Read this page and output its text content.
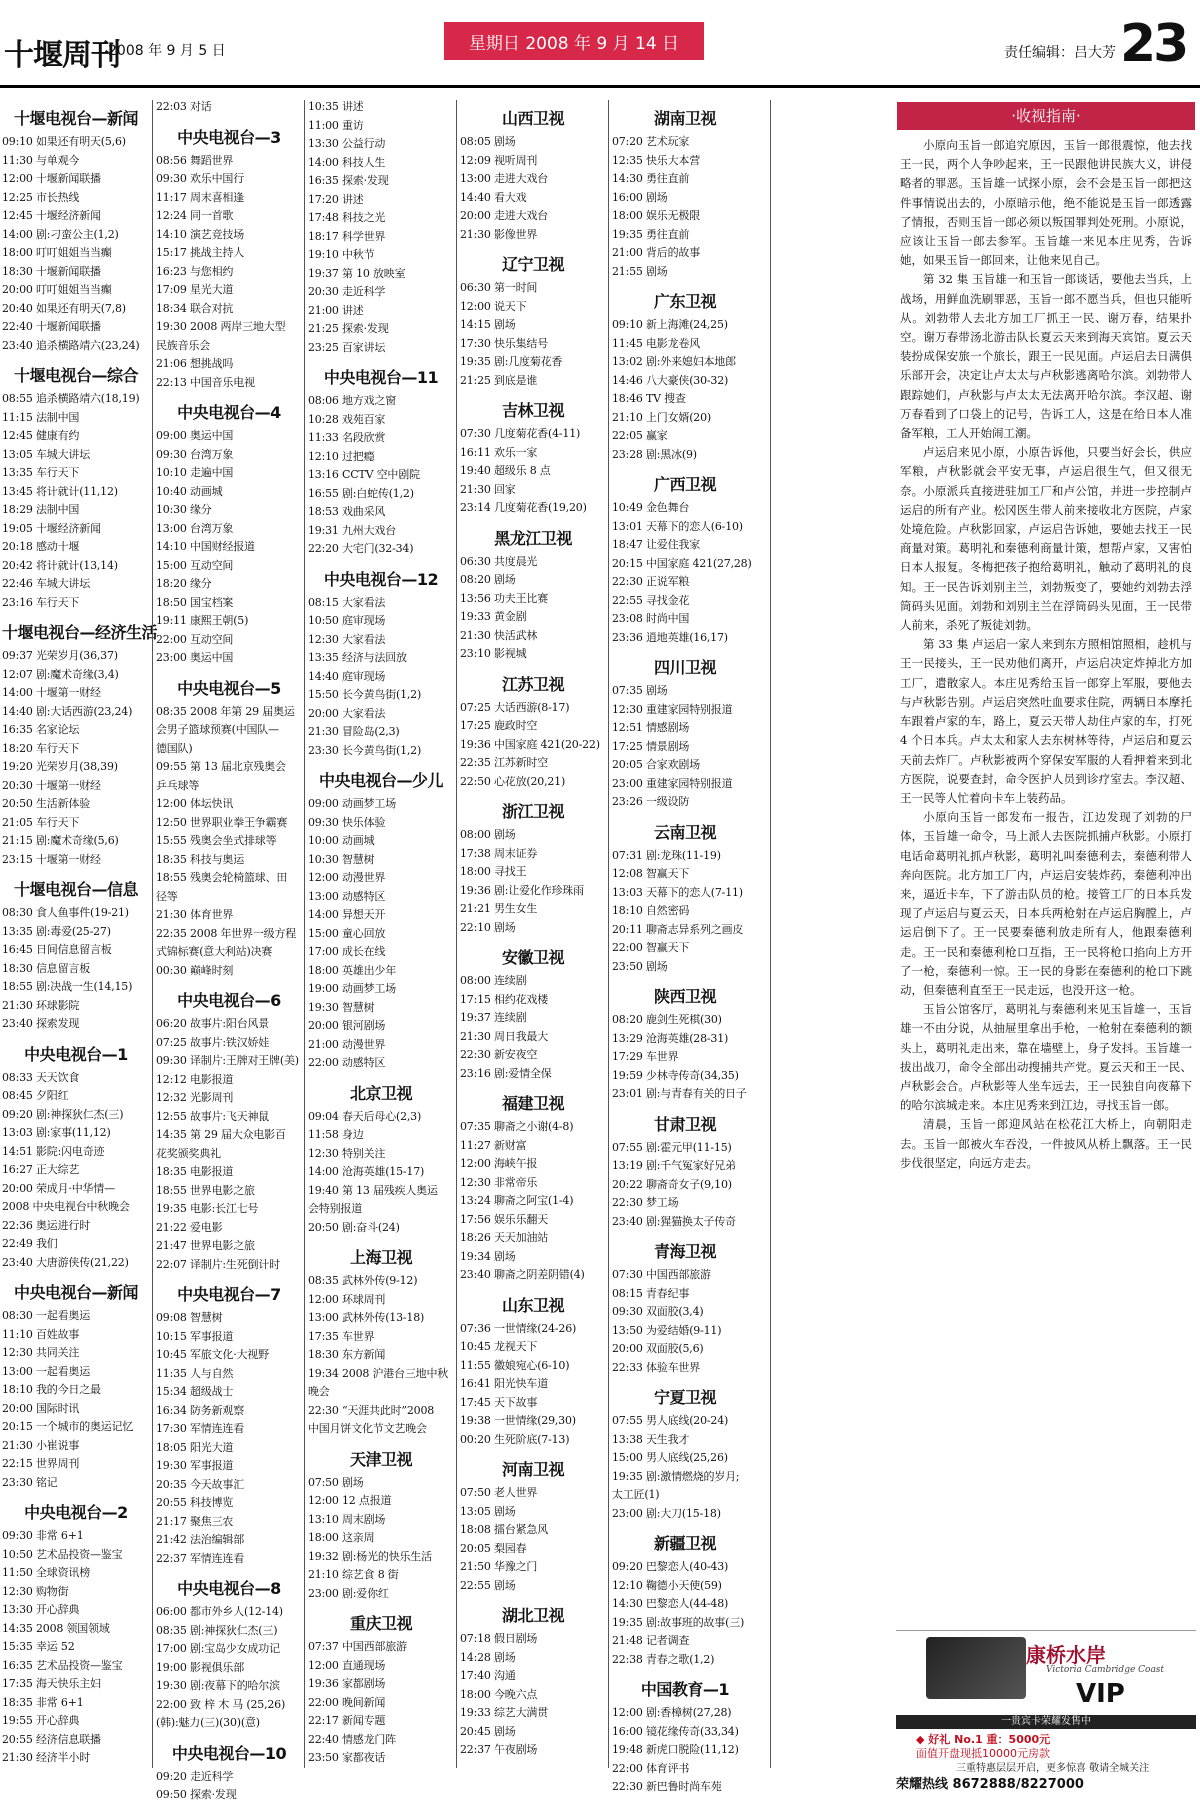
十堰周刊
2008 年 9 月 5 日	星期日 2008 年 9 月 14 日	责任编辑：吕大芳 23
十堰电视台—新闻
09:10 如果还有明天(5,6)
11:30 与单观今
12:00 十堰新闻联播
12:25 市长热线
12:45 十堰经济新闻
14:00 剧:刁蛮公主(1,2)
18:00 叮叮姐姐当当癫
18:30 十堰新闻联播
20:00 叮叮姐姐当当癫
20:40 如果还有明天(7,8)
22:40 十堰新闻联播
23:40 追杀横路靖六(23,24)
十堰电视台—综合
08:55 追杀横路靖六(18,19)
11:15 法制中国
12:45 健康有约
13:05 车城大讲坛
13:35 车行天下
13:45 将计就计(11,12)
18:29 法制中国
19:05 十堰经济新闻
20:18 感动十堰
20:42 将计就计(13,14)
22:46 车城大讲坛
23:16 车行天下
十堰电视台—经济生活
09:37 光荣岁月(36,37)
12:07 剧:魔术奇缘(3,4)
14:00 十堰第一财经
14:40 剧:大话西游(23,24)
16:35 名家论坛
18:20 车行天下
19:20 光荣岁月(38,39)
20:30 十堰第一财经
20:50 生活新体验
21:05 车行天下
21:15 剧:魔术奇缘(5,6)
23:15 十堰第一财经
十堰电视台—信息
08:30 食人鱼事件(19-21)
13:35 剧:毒爱(25-27)
16:45 日间信息留言板
18:30 信息留言板
18:55 剧:决战一生(14,15)
21:30 环球影院
23:40 探索发现
中央电视台—1
08:33 天天饮食
08:45 夕阳红
09:20 剧:神探狄仁杰(三)
13:03 剧:家事(11,12)
14:51 影院:闪电奇迹
16:27 正大综艺
20:00 荣成月·中华情—
2008 中央电视台中秋晚会
22:36 奥运进行时
22:49 我们
23:40 大唐游侠传(21,22)
中央电视台—新闻
08:30 一起看奥运
11:10 百姓故事
12:30 共同关注
13:00 一起看奥运
18:10 我的今日之最
20:00 国际时讯
20:15 一个城市的奥运记忆
21:30 小崔说事
22:15 世界周刊
23:30 铭记
中央电视台—2
09:30 非常 6+1
10:50 艺术品投资—鉴宝
11:50 全球资讯榜
12:30 购物街
13:30 开心辞典
14:35 2008 领国领域
15:35 幸运 52
16:35 艺术品投资—鉴宝
17:35 海天快乐主妇
18:35 非常 6+1
19:55 开心辞典
20:55 经济信息联播
21:30 经济半小时
22:03 对话
中央电视台—3
08:56 舞蹈世界
09:30 欢乐中国行
11:17 周末喜相逢
12:24 同一首歌
14:10 演艺竞技场
15:17 挑战主持人
16:23 与您相约
17:09 星光大道
18:34 联合对抗
19:30 2008 两岸三地大型
民族音乐会
21:06 想挑战吗
22:13 中国音乐电视
中央电视台—4
09:00 奥运中国
09:30 台湾万象
10:10 走遍中国
10:40 动画城
10:30 缘分
13:00 台湾万象
14:10 中国财经报道
15:00 互动空间
18:20 缘分
18:50 国宝档案
19:11 康熙王朝(5)
22:00 互动空间
23:00 奥运中国
中央电视台—5
08:35 2008 年第 29 届奥运
会男子篮球预赛(中国队—
德国队)
09:55 第 13 届北京残奥会
乒乓球等
12:00 体坛快讯
12:50 世界职业拳王争霸赛
15:55 残奥会坐式排球等
18:35 科技与奥运
18:55 残奥会轮椅篮球、田
径等
21:30 体育世界
22:35 2008 年世界一级方程
式锦标赛(意大利站)决赛
00:30 巅峰时刻
中央电视台—6
06:20 故事片:阳台风景
07:25 故事片:铁汉娇娃
09:30 译制片:王牌对王牌(美)
12:12 电影报道
12:32 光影周刊
12:55 故事片:飞天神鼠
14:35 第 29 届大众电影百
花奖颁奖典礼
18:35 电影报道
18:55 世界电影之旅
19:35 电影:长江七号
21:22 爱电影
21:47 世界电影之旅
22:07 译制片:生死倒计时
中央电视台—7
09:08 智慧树
10:15 军事报道
10:45 军旅文化·大视野
11:35 人与自然
15:34 超级战士
16:34 防务新观察
17:30 军情连连看
18:05 阳光大道
19:30 军事报道
20:35 今天故事汇
20:55 科技博览
21:17 聚焦三农
21:42 法治编辑部
22:37 军情连连看
中央电视台—8
06:00 都市外乡人(12-14)
08:35 剧:神探狄仁杰(三)
17:00 剧:宝岛少女成功记
19:00 影视俱乐部
19:30 剧:夜幕下的哈尔滨
22:00 致 梓 木 马 (25,26)
(韩):魅力(三)(30)(意)
中央电视台—10
09:20 走近科学
09:50 探索·发现
10:35 讲述
11:00 重访
13:30 公益行动
14:00 科技人生
16:35 探索·发现
17:20 讲述
17:48 科技之光
18:17 科学世界
19:10 中秋节
19:37 第 10 放映室
20:30 走近科学
21:00 讲述
21:25 探索·发现
23:25 百家讲坛
中央电视台—11
08:06 地方戏之窗
10:28 戏苑百家
11:33 名段欣赏
12:10 过把瘾
13:16 CCTV 空中剧院
16:55 剧:白蛇传(1,2)
18:53 戏曲采风
19:31 九州大戏台
22:20 大宅门(32-34)
中央电视台—12
08:15 大家看法
10:50 庭审现场
12:30 大家看法
13:35 经济与法回放
14:40 庭审现场
15:50 长今黄鸟街(1,2)
20:00 大家看法
21:30 冒险岛(2,3)
23:30 长今黄鸟街(1,2)
中央电视台—少儿
09:00 动画梦工场
09:30 快乐体验
10:00 动画城
10:30 智慧树
12:00 动漫世界
13:00 动感特区
14:00 异想天开
15:00 童心回放
17:00 成长在线
18:00 英雄出少年
19:00 动画梦工场
19:30 智慧树
20:00 银河剧场
21:00 动漫世界
22:00 动感特区
北京卫视
09:04 春天后母心(2,3)
11:58 身边
12:30 特别关注
14:00 沧海英雄(15-17)
19:40 第 13 届残疾人奥运
会特别报道
20:50 剧:奋斗(24)
上海卫视
08:35 武林外传(9-12)
12:00 环球周刊
13:00 武林外传(13-18)
17:35 车世界
18:30 东方新闻
19:34 2008 沪港台三地中秋
晚会
22:30 “天涯共此时”2008
中国月饼文化节文艺晚会
天津卫视
07:50 剧场
12:00 12 点报道
13:10 周末剧场
18:00 这亲周
19:32 剧:杨光的快乐生活
21:10 综艺食 8 街
23:00 剧:爱你红
重庆卫视
07:37 中国西部旅游
12:00 直通现场
19:36 家都剧场
22:00 晚间新闻
22:17 新闻专题
22:40 情感龙门阵
23:50 家都夜话
山西卫视
08:05 剧场
12:09 视听周刊
13:00 走进大戏台
14:40 看大戏
20:00 走进大戏台
21:30 影像世界
辽宁卫视
06:30 第一时间
12:00 说天下
14:15 剧场
17:30 快乐集结号
19:35 剧:几度菊花香
21:25 到底是谁
吉林卫视
07:30 几度菊花香(4-11)
16:11 欢乐一家
19:40 超级乐 8 点
21:30 回家
23:14 几度菊花香(19,20)
黑龙江卫视
06:30 共度晨光
08:20 剧场
13:56 功夫王比赛
19:33 黄金剧
21:30 快活武林
23:10 影视城
江苏卫视
07:25 大话西游(8-17)
17:25 鹿政时空
19:36 中国家庭 421(20-22)
22:35 江苏新时空
22:50 心花放(20,21)
浙江卫视
08:00 剧场
17:38 周末证券
18:00 寻找王
19:36 剧:让爱化作珍珠雨
21:21 男生女生
22:10 剧场
安徽卫视
08:00 连续剧
17:15 相约花戏楼
19:37 连续剧
21:30 周日我最大
22:30 新安夜空
23:16 剧:爱情全保
福建卫视
07:35 聊斋之小谢(4-8)
11:27 新财富
12:00 海峡午报
12:30 非常帝乐
13:24 聊斋之阿宝(1-4)
17:56 娱乐乐翻天
18:26 天天加油站
19:34 剧场
23:40 聊斋之阴差阴错(4)
山东卫视
07:36 一世情缘(24-26)
10:45 龙视天下
11:55 徽娘宛心(6-10)
16:41 阳光快车道
17:45 天下故事
19:38 一世情缘(29,30)
00:20 生死阶底(7-13)
河南卫视
07:50 老人世界
13:05 剧场
18:08 擂台紧急风
20:05 梨园春
21:50 华豫之门
22:55 剧场
湖北卫视
07:18 假日剧场
14:28 剧场
17:40 沟通
18:00 今晚六点
19:33 综艺大满贯
20:45 剧场
22:37 午夜剧场
湖南卫视
07:20 艺术玩家
12:35 快乐大本营
14:30 勇往直前
16:00 剧场
18:00 娱乐无极限
19:35 勇往直前
21:00 背后的故事
21:55 剧场
广东卫视
09:10 新上海滩(24,25)
11:45 电影龙卷风
13:02 剧:外来媳妇本地郎
14:46 八大豪侠(30-32)
18:46 TV 搜查
21:10 上门女婿(20)
22:05 赢家
23:28 剧:黑冰(9)
广西卫视
10:49 金色舞台
13:01 天幕下的恋人(6-10)
18:47 让爱住我家
20:15 中国家庭 421(27,28)
22:30 正说军粮
22:55 寻找金花
23:08 时尚中国
23:36 逍地英雄(16,17)
四川卫视
07:35 剧场
12:30 重建家园特别报道
12:51 情感剧场
17:25 情景剧场
20:05 合家欢剧场
23:00 重建家园特别报道
23:26 一级设防
云南卫视
07:31 剧:龙珠(11-19)
12:08 智赢天下
13:03 天幕下的恋人(7-11)
18:10 自然密码
20:11 聊斋志异系列之画皮
22:00 智赢天下
23:50 剧场
陕西卫视
08:20 鹿剑生死棋(30)
13:29 沧海英雄(28-31)
17:29 车世界
19:59 少林寺传奇(34,35)
23:01 剧:与青春有关的日子
甘肃卫视
07:55 剧:霍元甲(11-15)
13:19 剧:千气冤家好兄弟
20:22 聊斋奇女子(9,10)
22:30 梦工场
23:40 剧:猩猫换太子传奇
青海卫视
07:30 中国西部旅游
08:15 青春纪事
09:30 双面胶(3,4)
13:50 为爱结婚(9-11)
20:00 双面胶(5,6)
22:33 体验车世界
宁夏卫视
07:55 男人底线(20-24)
13:38 天生我才
15:00 男人底线(25,26)
19:35 剧:激情燃烧的岁月;
太工匠(1)
23:00 剧:大刀(15-18)
新疆卫视
09:20 巴黎恋人(40-43)
12:10 鞠德小天使(59)
14:30 巴黎恋人(44-48)
19:35 剧:故事班的故事(三)
21:48 记者调查
22:38 青春之歌(1,2)
中国教育—1
12:00 剧:香樟树(27,28)
16:00 镜花缘传奇(33,34)
19:48 新虎口脱险(11,12)
22:00 体育评书
22:30 新巴鲁时尚车苑
·收视指南·

小原向玉旨一郎追究原因，玉旨一郎很震惊，他去找王一民，两个人争吵起来，王一民跟他讲民族大义，讲侵略者的罪恶。玉旨雄一试探小原，会不会是玉旨一郎把这件事情说出去的，小原暗示他，绝不能说是玉旨一郎透露了情报，否则玉旨一郎必须以叛国罪判处死刑。小原说，应该让玉旨一郎去参军。玉旨雄一来见本庄见秀，告诉她，如果玉旨一郎回来，让他来见自己。

第 32 集 玉旨雄一和玉旨一郎谈话，要他去当兵，上战场，用鲜血洗刷罪恶，玉旨一郎不愿当兵，但也只能听从。刘勃带人去北方加工厂抓王一民、谢万春，结果扑空。谢万春带汤北游击队长夏云天来到海天宾馆。夏云天装扮成保安旅一个旅长，跟王一民见面。卢运启去日满俱乐部开会，决定让卢太太与卢秋影逃离哈尔滨。刘勃带人跟踪她们，卢秋影与卢太太无法离开哈尔滨。李汉超、谢万春看到了口袋上的记号，告诉工人，这是在给日本人准备军粮，工人开始闹工潮。

卢运启来见小原，小原告诉他，只要当好会长，供应军粮，卢秋影就会平安无事，卢运启很生气，但又很无奈。小原派兵直接进驻加工厂和卢公馆，并进一步控制卢运启的所有产业。松冈医生带人前来接收北方医院，卢家处境危险。卢秋影回家，卢运启告诉她，要她去找王一民商量对策。葛明礼和秦德利商量计策，想帮卢家，又害怕日本人报复。冬梅把孩子抱给葛明礼，触动了葛明礼的良知。王一民告诉刘别主兰，刘勃叛变了，要她约刘勃去浮筒码头见面。刘勃和刘别主兰在浮筒码头见面，王一民带人前来，杀死了叛徒刘勃。

第 33 集 卢运启一家人来到东方照相馆照相，趁机与王一民接头，王一民劝他们离开，卢运启决定炸掉北方加工厂，遣散家人。本庄见秀给玉旨一郎穿上军服，要他去与卢秋影告别。卢运启突然吐血要求住院，两辆日本摩托车跟着卢家的车，路上，夏云天带人劫住卢家的车，打死 4 个日本兵。卢太太和家人去东树林等待，卢运启和夏云天前去炸厂。卢秋影被两个穿保安军服的人看押着来到北方医院，说要查封，命令医护人员到诊疗室去。李汉超、王一民等人忙着向卡车上装药品。

小原向玉旨一郎发布一报告，江边发现了刘勃的尸体，玉旨雄一命令，马上派人去医院抓捕卢秋影。小原打电话命葛明礼抓卢秋影，葛明礼叫秦德利去，秦德利带人奔向医院。北方加工厂内，卢运启安装炸药，秦德利冲出来，逼近卡车，下了游击队员的枪。接管工厂的日本兵发现了卢运启与夏云天，日本兵两枪射在卢运启胸膛上，卢运启倒下了。王一民要秦德利放走所有人，他跟秦德利走。王一民和秦德利枪口互指，王一民将枪口掐向上方开了一枪，秦德利一惊。王一民的身影在秦德利的枪口下跳动，但秦德利直至王一民走远，也没开这一枪。

玉旨公馆客厅，葛明礼与秦德利来见玉旨雄一，玉旨雄一不由分说，从抽屉里拿出手枪，一枪射在秦德利的额头上，葛明礼走出来，靠在墙壁上，身子发抖。玉旨雄一拔出战刀，命令全部出动搜捕共产党。夏云天和王一民、卢秋影会合。卢秋影等人坐车远去，王一民独自向夜幕下的哈尔滨城走来。本庄见秀来到江边，寻找玉旨一郎。

清晨，玉旨一郎迎风站在松花江大桥上，向朝阳走去。玉旨一郎被火车吞没，一件披风从桥上飘落。王一民步伐很坚定，向远方走去。

康桥水岸
Victoria Cambridge Coast
VIP
一贵宾卡荣耀发售中
◆ 好礼 No.1 重：5000元
面值开盘现抵10000元房款
三重特惠层层开启，更多惊喜 敬请全城关注
荣耀热线 8672888/8227000
